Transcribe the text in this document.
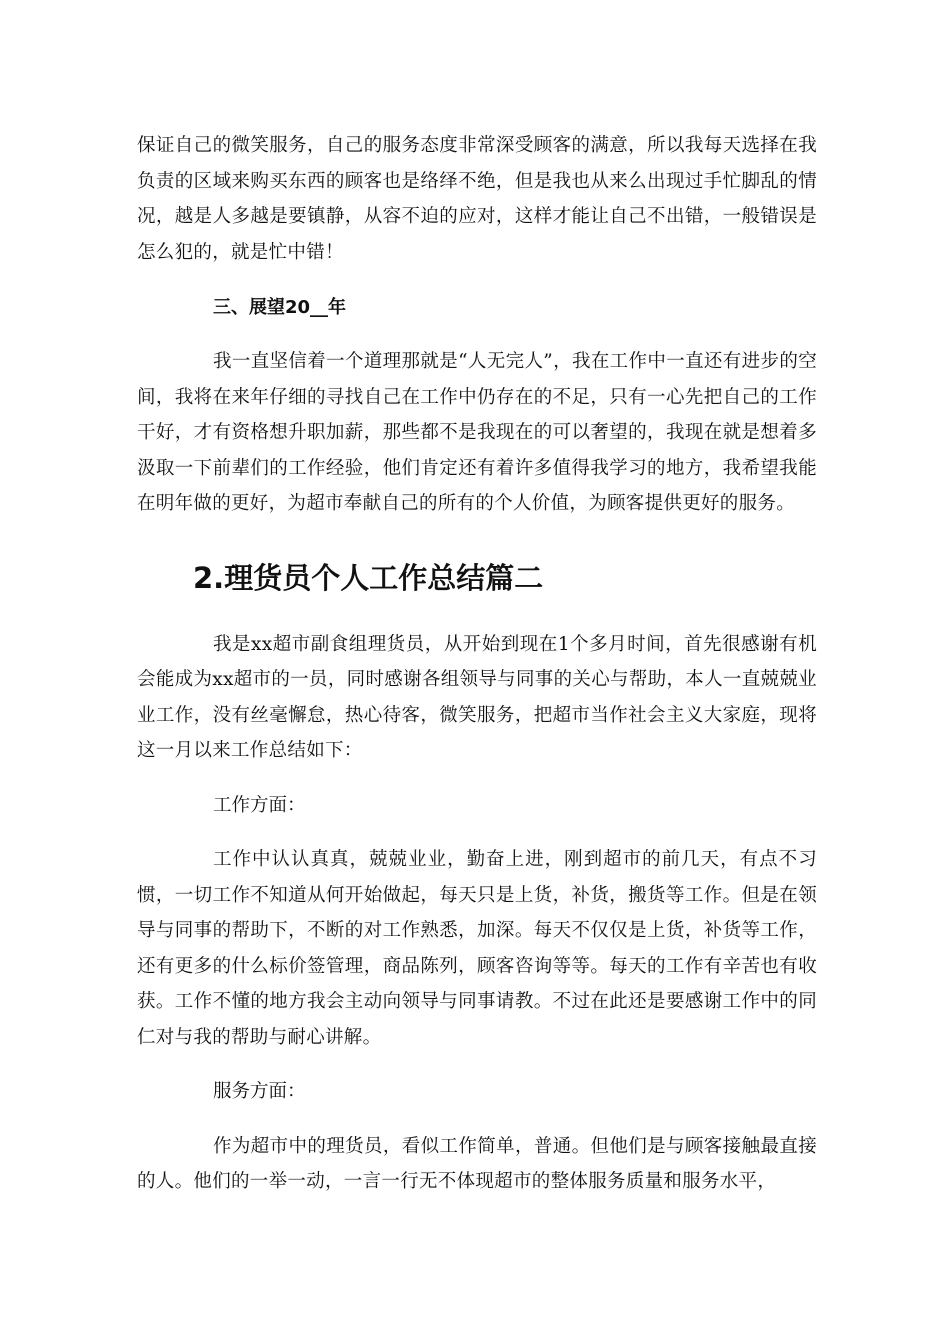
保证自己的微笑服务，自己的服务态度非常深受顾客的满意，所以我每天选择在我负责的区域来购买东西的顾客也是络绎不绝，但是我也从来么出现过手忙脚乱的情况，越是人多越是要镇静，从容不迫的应对，这样才能让自己不出错，一般错误是怎么犯的，就是忙中错！

三、展望20__年

我一直坚信着一个道理那就是“人无完人”，我在工作中一直还有进步的空间，我将在来年仔细的寻找自己在工作中仍存在的不足，只有一心先把自己的工作干好，才有资格想升职加薪，那些都不是我现在的可以奢望的，我现在就是想着多汲取一下前辈们的工作经验，他们肯定还有着许多值得我学习的地方，我希望我能在明年做的更好，为超市奉献自己的所有的个人价值，为顾客提供更好的服务。

2.理货员个人工作总结篇二

我是xx超市副食组理货员，从开始到现在1个多月时间，首先很感谢有机会能成为xx超市的一员，同时感谢各组领导与同事的关心与帮助，本人一直兢兢业业工作，没有丝毫懈怠，热心待客，微笑服务，把超市当作社会主义大家庭，现将这一月以来工作总结如下：

工作方面：

工作中认认真真，兢兢业业，勤奋上进，刚到超市的前几天，有点不习惯，一切工作不知道从何开始做起，每天只是上货，补货，搬货等工作。但是在领导与同事的帮助下，不断的对工作熟悉，加深。每天不仅仅是上货，补货等工作，还有更多的什么标价签管理，商品陈列，顾客咨询等等。每天的工作有辛苦也有收获。工作不懂的地方我会主动向领导与同事请教。不过在此还是要感谢工作中的同仁对与我的帮助与耐心讲解。

服务方面：

作为超市中的理货员，看似工作简单，普通。但他们是与顾客接触最直接的人。他们的一举一动，一言一行无不体现超市的整体服务质量和服务水平，
